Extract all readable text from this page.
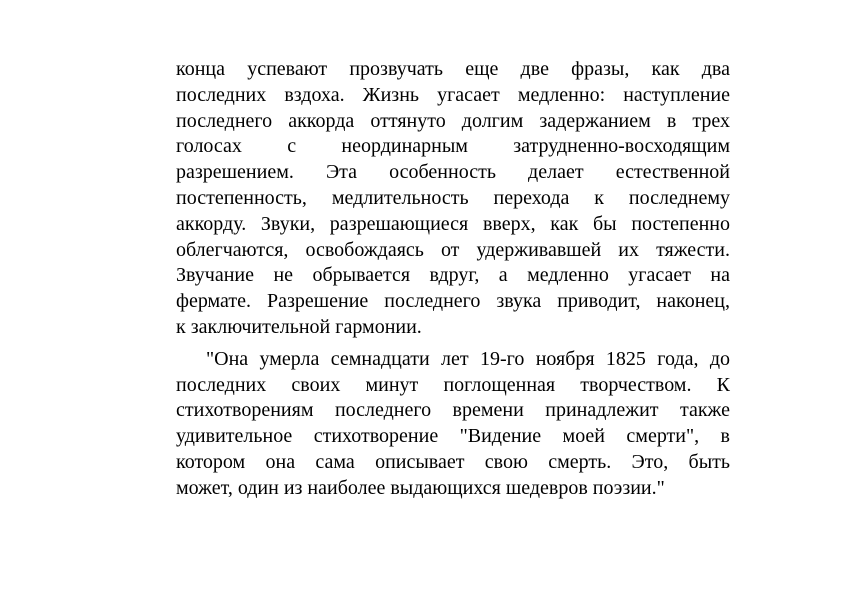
конца успевают прозвучать еще две фразы, как два
последних вздоха. Жизнь угасает медленно: наступление
последнего аккорда оттянуто долгим задержанием в трех
голосах с неординарным затрудненно-восходящим
разрешением. Эта особенность делает естественной
постепенность, медлительность перехода к последнему
аккорду. Звуки, разрешающиеся вверх, как бы постепенно
облегчаются, освобождаясь от удерживавшей их тяжести.
Звучание не обрывается вдруг, а медленно угасает на
фермате. Разрешение последнего звука приводит, наконец,
к заключительной гармонии.

"Она умерла семнадцати лет 19-го ноября 1825 года, до
последних своих минут поглощенная творчеством. К
стихотворениям последнего времени принадлежит также
удивительное стихотворение "Видение моей смерти", в
котором она сама описывает свою смерть. Это, быть
может, один из наиболее выдающихся шедевров поэзии."
